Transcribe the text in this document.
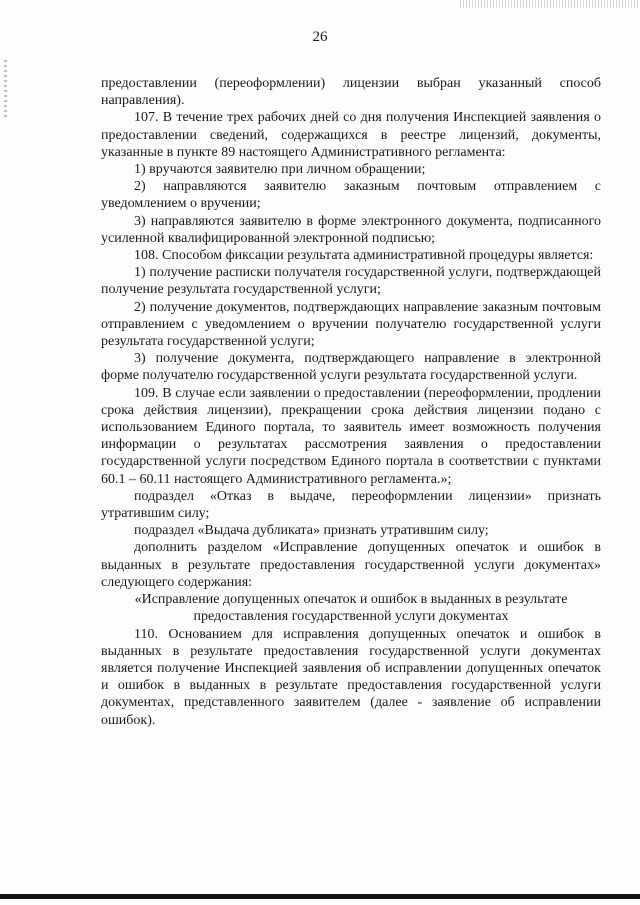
26

предоставлении (переоформлении) лицензии выбран указанный способ направления).

107. В течение трех рабочих дней со дня получения Инспекцией заявления о предоставлении сведений, содержащихся в реестре лицензий, документы, указанные в пункте 89 настоящего Административного регламента:

1) вручаются заявителю при личном обращении;

2) направляются заявителю заказным почтовым отправлением с уведомлением о вручении;

3) направляются заявителю в форме электронного документа, подписанного усиленной квалифицированной электронной подписью;

108. Способом фиксации результата административной процедуры является:

1) получение расписки получателя государственной услуги, подтверждающей получение результата государственной услуги;

2) получение документов, подтверждающих направление заказным почтовым отправлением с уведомлением о вручении получателю государственной услуги результата государственной услуги;

3) получение документа, подтверждающего направление в электронной форме получателю государственной услуги результата государственной услуги.

109. В случае если заявлении о предоставлении (переоформлении, продлении срока действия лицензии), прекращении срока действия лицензии подано с использованием Единого портала, то заявитель имеет возможность получения информации о результатах рассмотрения заявления о предоставлении государственной услуги посредством Единого портала в соответствии с пунктами 60.1 – 60.11 настоящего Административного регламента.»;

подраздел «Отказ в выдаче, переоформлении лицензии» признать утратившим силу;

подраздел «Выдача дубликата» признать утратившим силу;

дополнить разделом «Исправление допущенных опечаток и ошибок в выданных в результате предоставления государственной услуги документах» следующего содержания:

«Исправление допущенных опечаток и ошибок в выданных в результате
предоставления государственной услуги документах

110. Основанием для исправления допущенных опечаток и ошибок в выданных в результате предоставления государственной услуги документах является получение Инспекцией заявления об исправлении допущенных опечаток и ошибок в выданных в результате предоставления государственной услуги документах, представленного заявителем (далее - заявление об исправлении ошибок).
